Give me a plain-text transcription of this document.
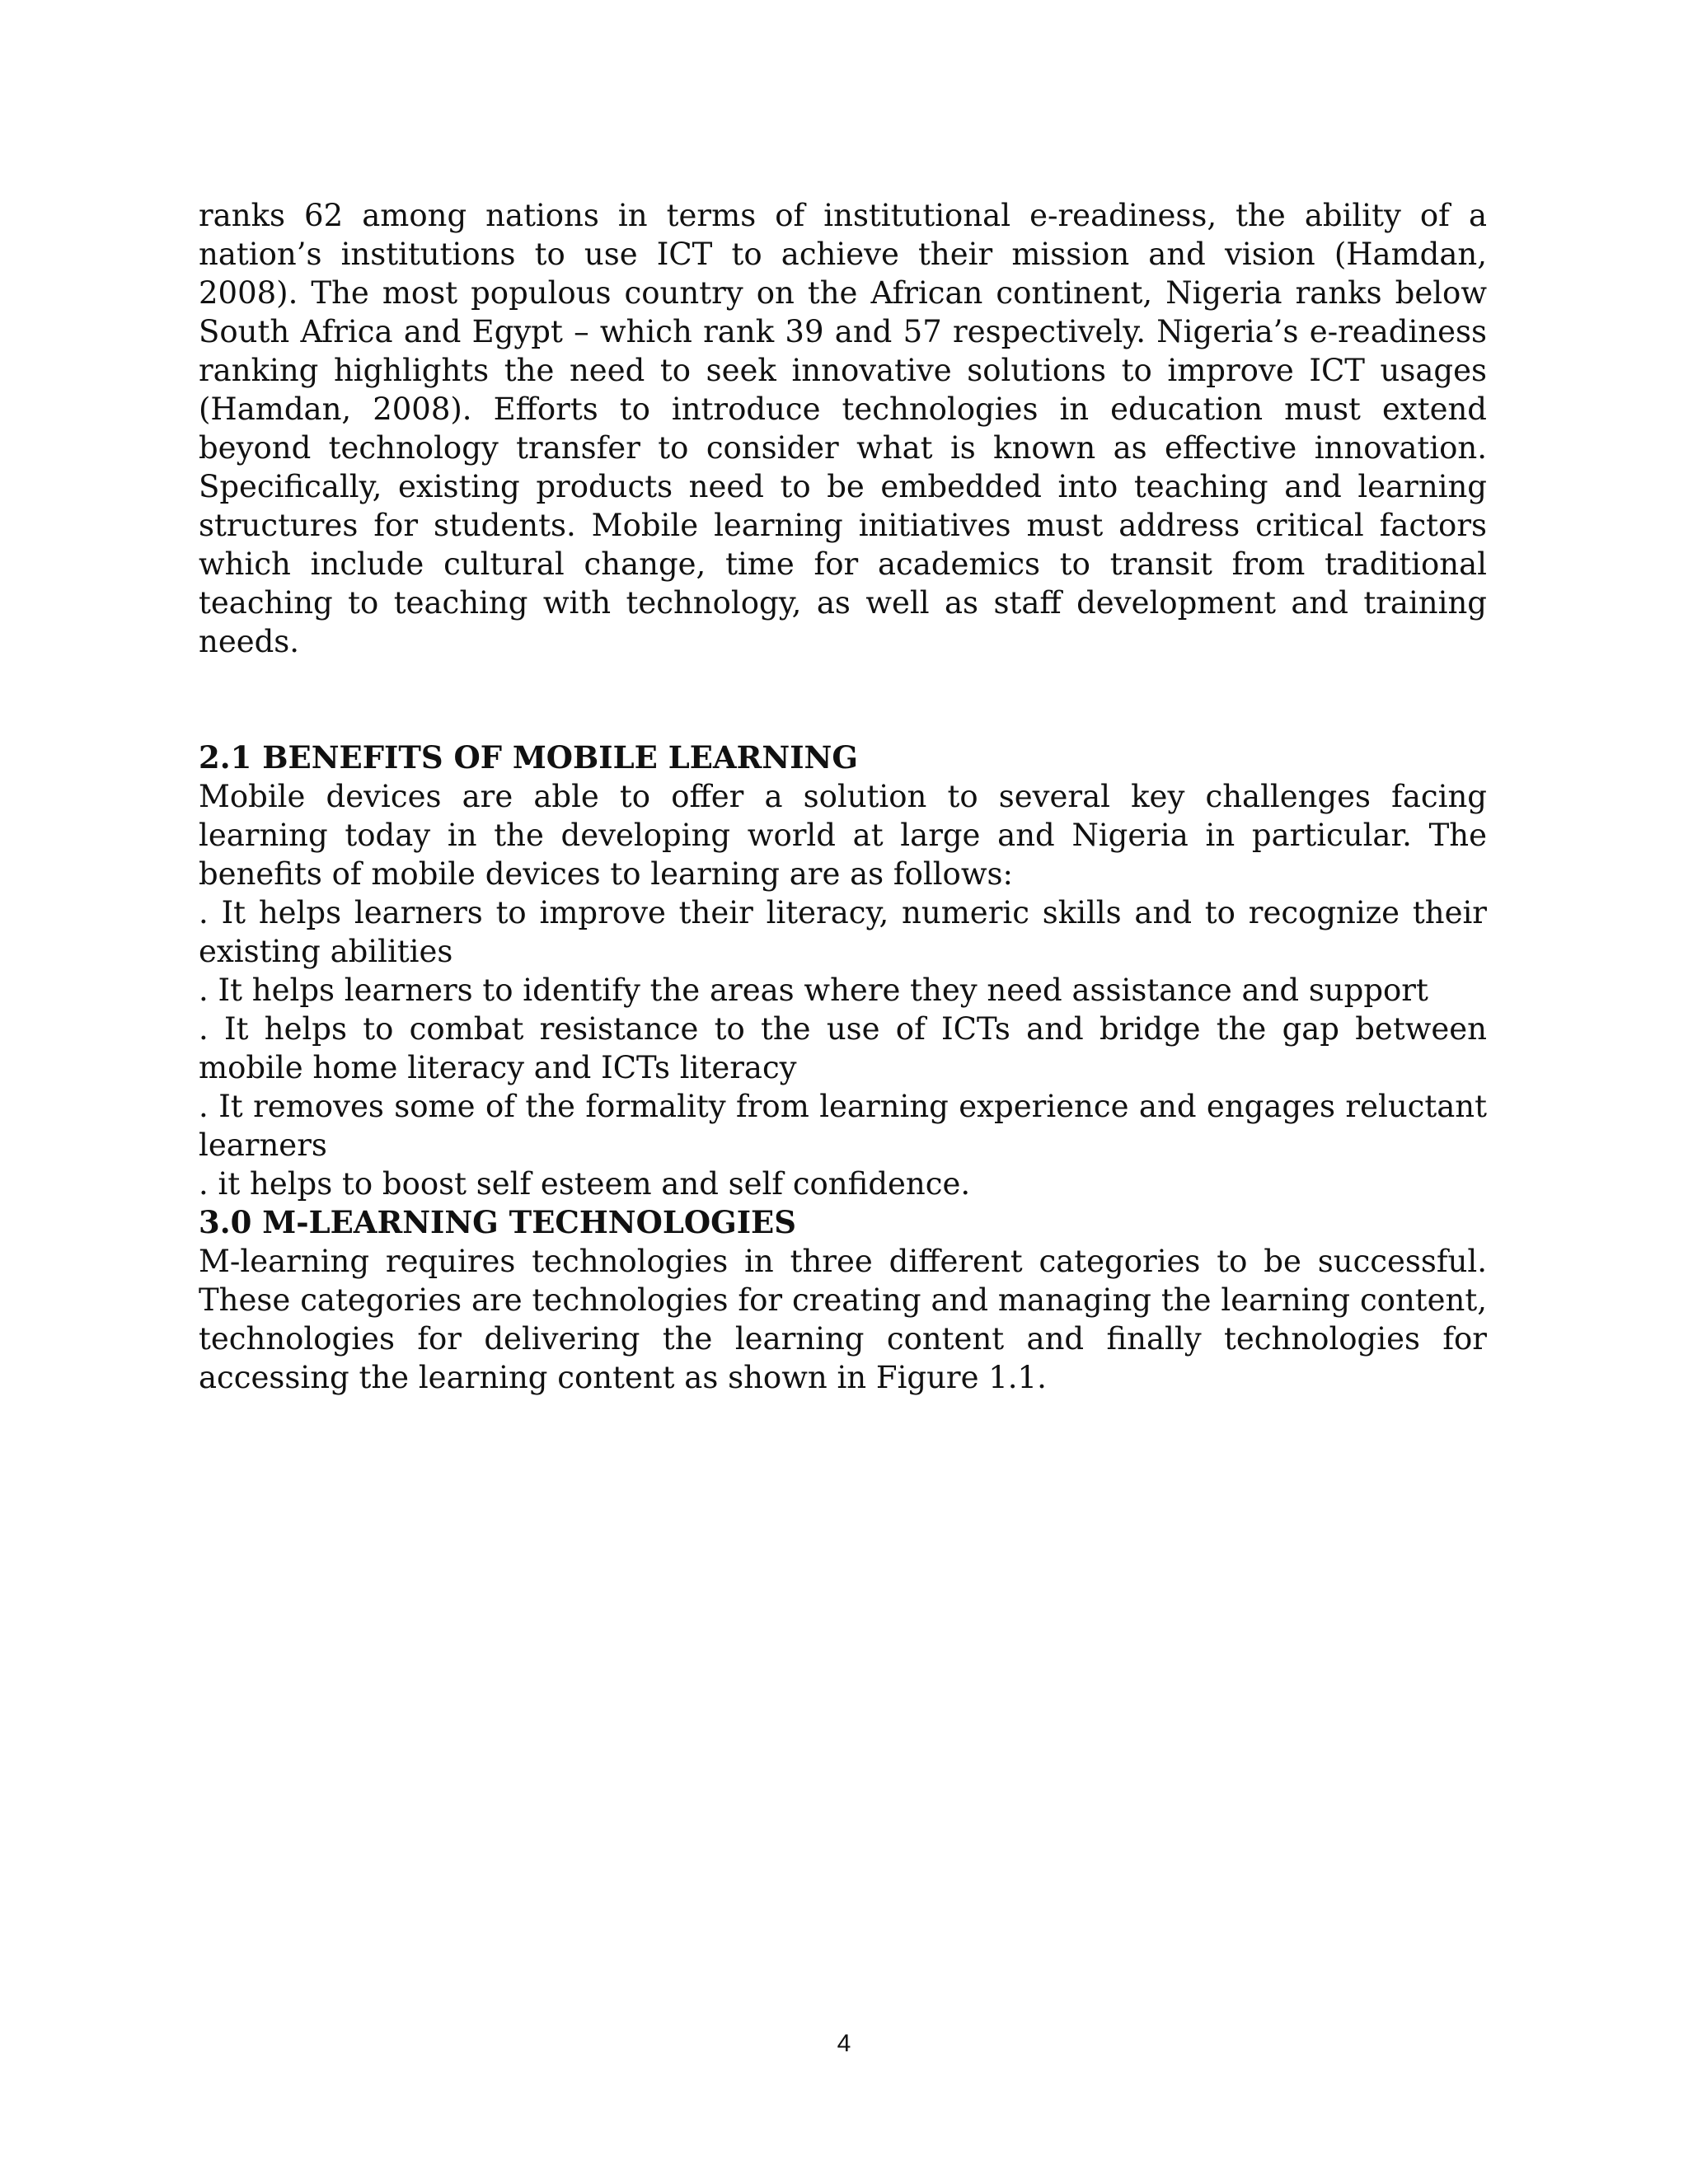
ranks 62 among nations in terms of institutional e-readiness, the ability of a nation’s institutions to use ICT to achieve their mission and vision (Hamdan, 2008). The most populous country on the African continent, Nigeria ranks below South Africa and Egypt – which rank 39 and 57 respectively. Nigeria’s e-readiness ranking highlights the need to seek innovative solutions to improve ICT usages (Hamdan, 2008). Efforts to introduce technologies in education must extend beyond technology transfer to consider what is known as effective innovation. Specifically, existing products need to be embedded into teaching and learning structures for students. Mobile learning initiatives must address critical factors which include cultural change, time for academics to transit from traditional teaching to teaching with technology, as well as staff development and training needs.

2.1 BENEFITS OF MOBILE LEARNING

Mobile devices are able to offer a solution to several key challenges facing learning today in the developing world at large and Nigeria in particular. The benefits of mobile devices to learning are as follows:

. It helps learners to improve their literacy, numeric skills and to recognize their existing abilities

. It helps learners to identify the areas where they need assistance and support

. It helps to combat resistance to the use of ICTs and bridge the gap between mobile home literacy and ICTs literacy

. It removes some of the formality from learning experience and engages reluctant learners

. it helps to boost self esteem and self confidence.

3.0 M-LEARNING TECHNOLOGIES

M-learning requires technologies in three different categories to be successful. These categories are technologies for creating and managing the learning content, technologies for delivering the learning content and finally technologies for accessing the learning content as shown in Figure 1.1.

4
